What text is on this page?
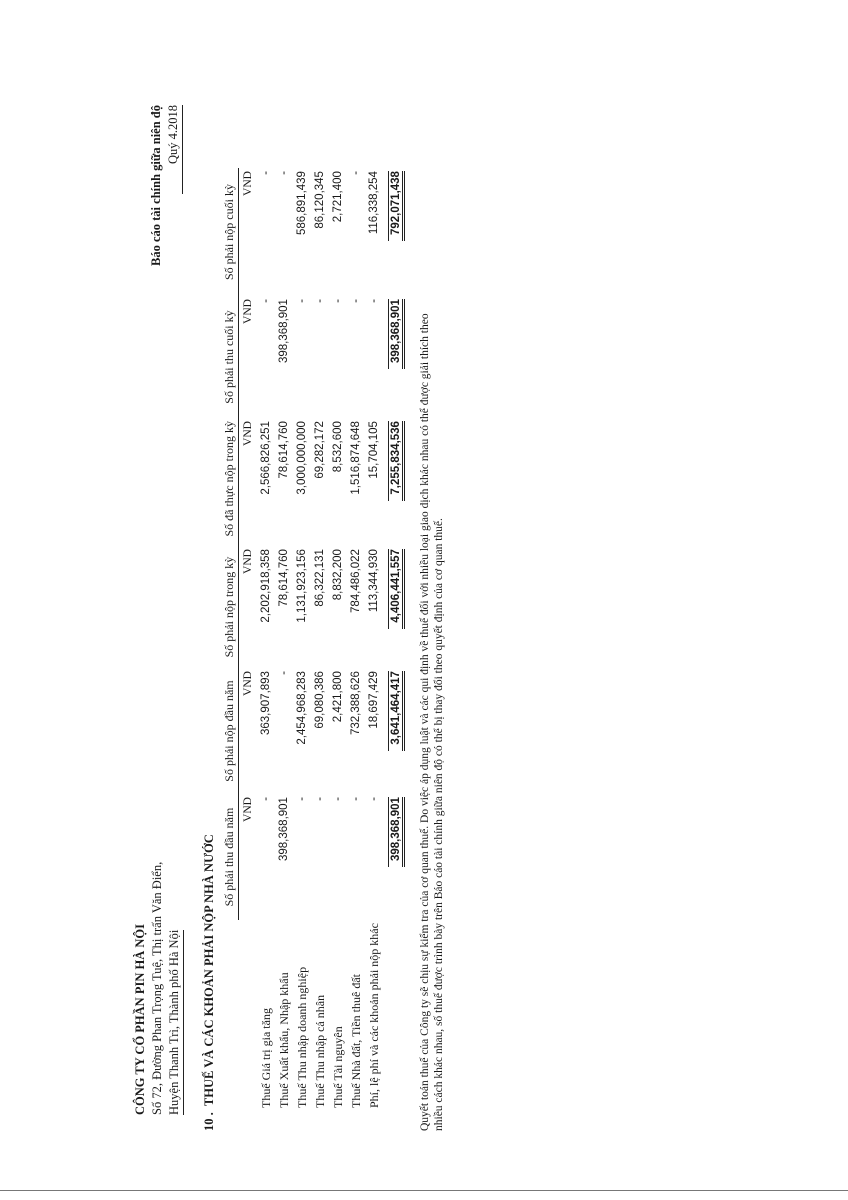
CÔNG TY CỔ PHẦN PIN HÀ NỘI Số 72, Đường Phan Trọng Tuệ, Thị trấn Văn Điển, Huyện Thanh Trì, Thành phố Hà Nội
Báo cáo tài chính giữa niên độ Quý 4.2018
10 . THUẾ VÀ CÁC KHOẢN PHẢI NỘP NHÀ NƯỚC
	Số phải thu đầu năm	Số phải nộp đầu năm	Số phải nộp trong kỳ	Số đã thực nộp trong kỳ	Số phải thu cuối kỳ	Số phải nộp cuối kỳ
	VND	VND	VND	VND	VND	VND
Thuế Giá trị gia tăng	-	363,907,893	2,202,918,358	2,566,826,251	-	-
Thuế Xuất khẩu, Nhập khẩu	398,368,901	-	78,614,760	78,614,760	398,368,901	-
Thuế Thu nhập doanh nghiệp	-	2,454,968,283	1,131,923,156	3,000,000,000	-	586,891,439
Thuế Thu nhập cá nhân	-	69,080,386	86,322,131	69,282,172	-	86,120,345
Thuế Tài nguyên	-	2,421,800	8,832,200	8,532,600	-	2,721,400
Thuế Nhà đất, Tiền thuê đất	-	732,388,626	784,486,022	1,516,874,648	-	-
Phí, lệ phí và các khoản phải nộp khác	-	18,697,429	113,344,930	15,704,105	-	116,338,254
	398,368,901	3,641,464,417	4,406,441,557	7,255,834,536	398,368,901	792,071,438
Quyết toán thuế của Công ty sẽ chịu sự kiểm tra của cơ quan thuế. Do việc áp dụng luật và các qui định về thuế đối với nhiều loại giao dịch khác nhau có thể được giải thích theo nhiều cách khác nhau, số thuế được trình bày trên Báo cáo tài chính giữa niên độ có thể bị thay đổi theo quyết định của cơ quan thuế.
